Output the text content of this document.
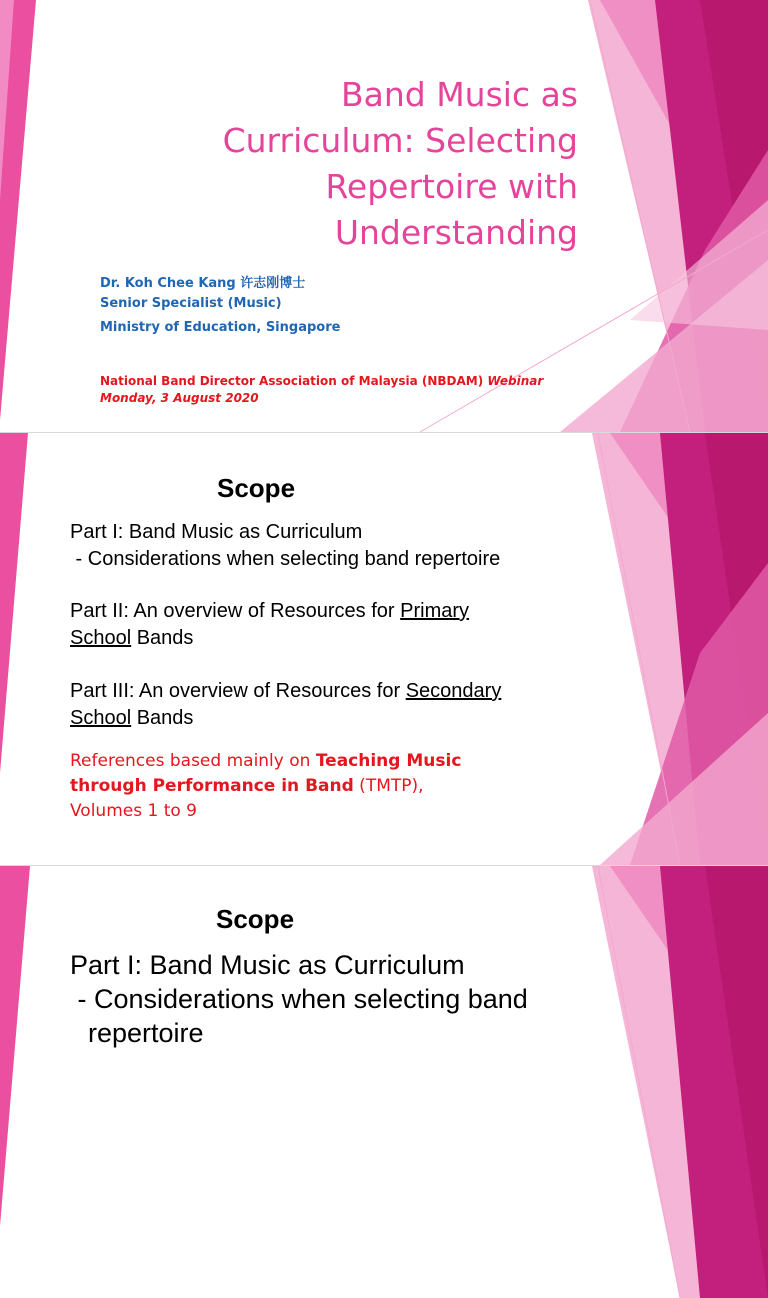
Band Music as
Curriculum: Selecting
Repertoire with
Understanding
Dr. Koh Chee Kang 许志刚博士
Senior Specialist (Music)
Ministry of Education, Singapore
National Band Director Association of Malaysia (NBDAM) Webinar
Monday, 3 August 2020
Scope
Part I: Band Music as Curriculum
- Considerations when selecting band repertoire
Part II: An overview of Resources for Primary
School Bands
Part III: An overview of Resources for Secondary
School Bands
References based mainly on Teaching Music
through Performance in Band (TMTP),
Volumes 1 to 9
Scope
Part I: Band Music as Curriculum
- Considerations when selecting band
repertoire
